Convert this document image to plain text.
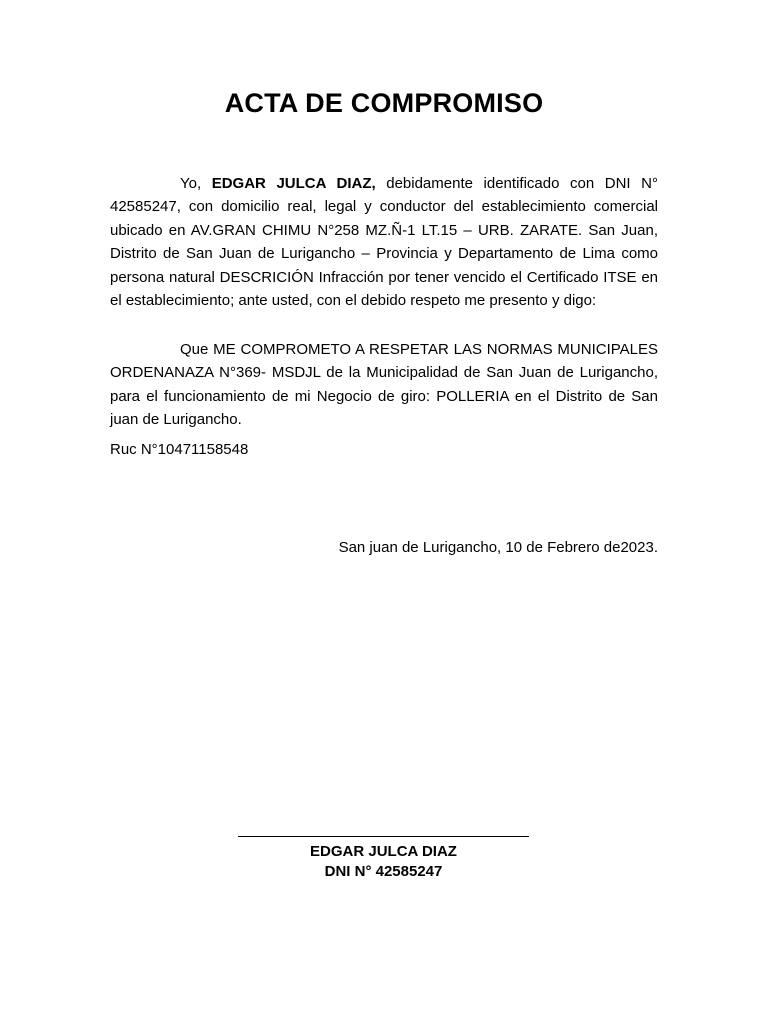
ACTA DE COMPROMISO
Yo, EDGAR JULCA DIAZ, debidamente identificado con DNI N° 42585247, con domicilio real, legal y conductor del establecimiento comercial ubicado en AV.GRAN CHIMU N°258 MZ.Ñ-1 LT.15 – URB. ZARATE. San Juan, Distrito de San Juan de Lurigancho – Provincia y Departamento de Lima como persona natural DESCRICIÓN Infracción por tener vencido el Certificado ITSE en el establecimiento; ante usted, con el debido respeto me presento y digo:
Que ME COMPROMETO A RESPETAR LAS NORMAS MUNICIPALES ORDENANAZA N°369- MSDJL de la Municipalidad de San Juan de Lurigancho, para el funcionamiento de mi Negocio de giro: POLLERIA en el Distrito de San juan de Lurigancho.
Ruc N°10471158548
San juan de Lurigancho, 10 de Febrero de2023.
EDGAR JULCA DIAZ
DNI N° 42585247
